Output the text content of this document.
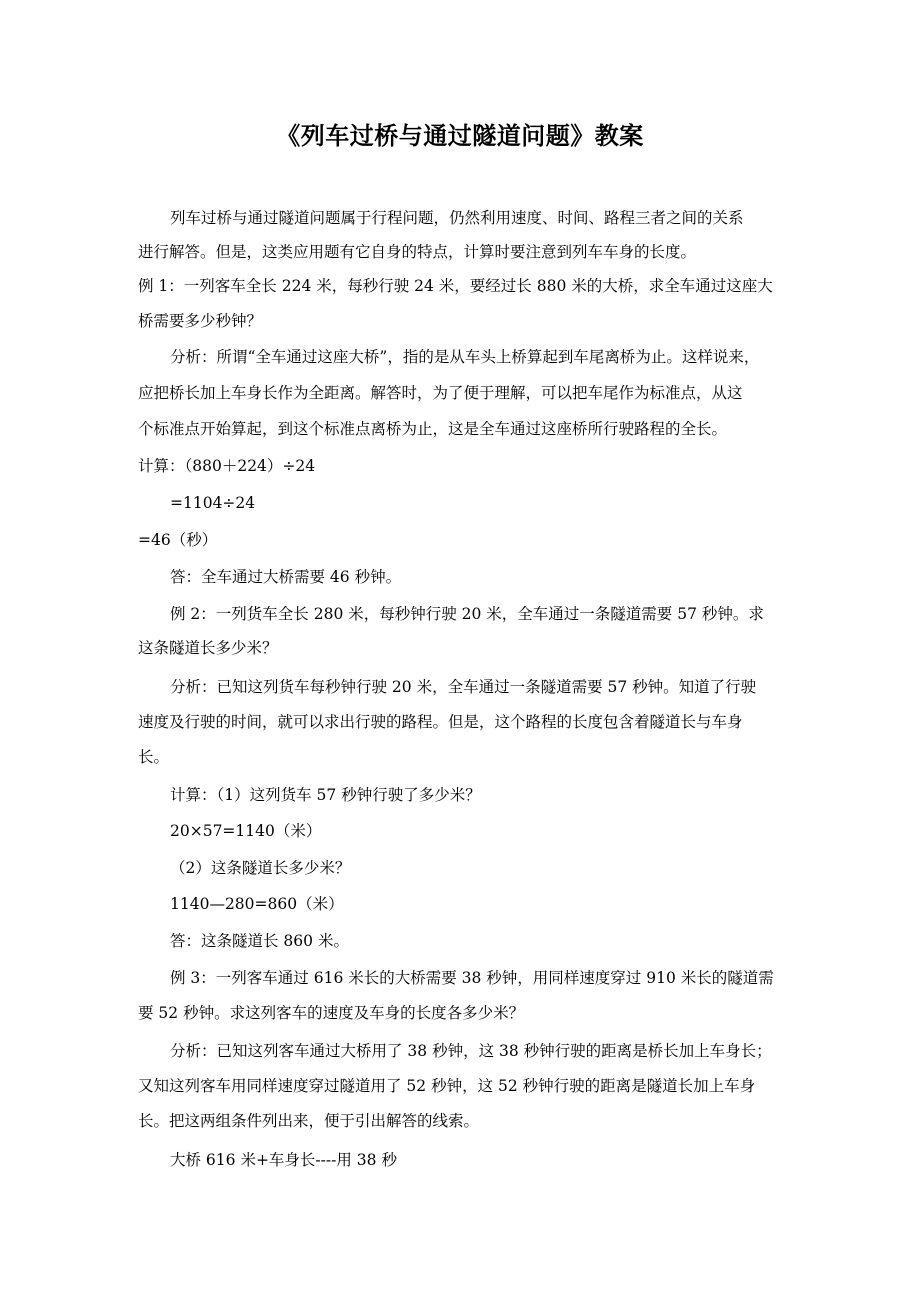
《列车过桥与通过隧道问题》教案
列车过桥与通过隧道问题属于行程问题，仍然利用速度、时间、路程三者之间的关系
进行解答。但是，这类应用题有它自身的特点，计算时要注意到列车车身的长度。
例 1：一列客车全长 224 米，每秒行驶 24 米，要经过长 880 米的大桥，求全车通过这座大
桥需要多少秒钟？
分析：所谓“全车通过这座大桥”，指的是从车头上桥算起到车尾离桥为止。这样说来，
应把桥长加上车身长作为全距离。解答时，为了便于理解，可以把车尾作为标准点，从这
个标准点开始算起，到这个标准点离桥为止，这是全车通过这座桥所行驶路程的全长。
计算：（880＋224）÷24
=1104÷24
=46（秒）
答：全车通过大桥需要 46 秒钟。
例 2：一列货车全长 280 米，每秒钟行驶 20 米，全车通过一条隧道需要 57 秒钟。求
这条隧道长多少米？
分析：已知这列货车每秒钟行驶 20 米，全车通过一条隧道需要 57 秒钟。知道了行驶
速度及行驶的时间，就可以求出行驶的路程。但是，这个路程的长度包含着隧道长与车身
长。
计算：（1）这列货车 57 秒钟行驶了多少米？
20×57=1140（米）
（2）这条隧道长多少米？
1140—280=860（米）
答：这条隧道长 860 米。
例 3：一列客车通过 616 米长的大桥需要 38 秒钟，用同样速度穿过 910 米长的隧道需
要 52 秒钟。求这列客车的速度及车身的长度各多少米？
分析：已知这列客车通过大桥用了 38 秒钟，这 38 秒钟行驶的距离是桥长加上车身长；
又知这列客车用同样速度穿过隧道用了 52 秒钟，这 52 秒钟行驶的距离是隧道长加上车身
长。把这两组条件列出来，便于引出解答的线索。
大桥 616 米+车身长----用 38 秒
